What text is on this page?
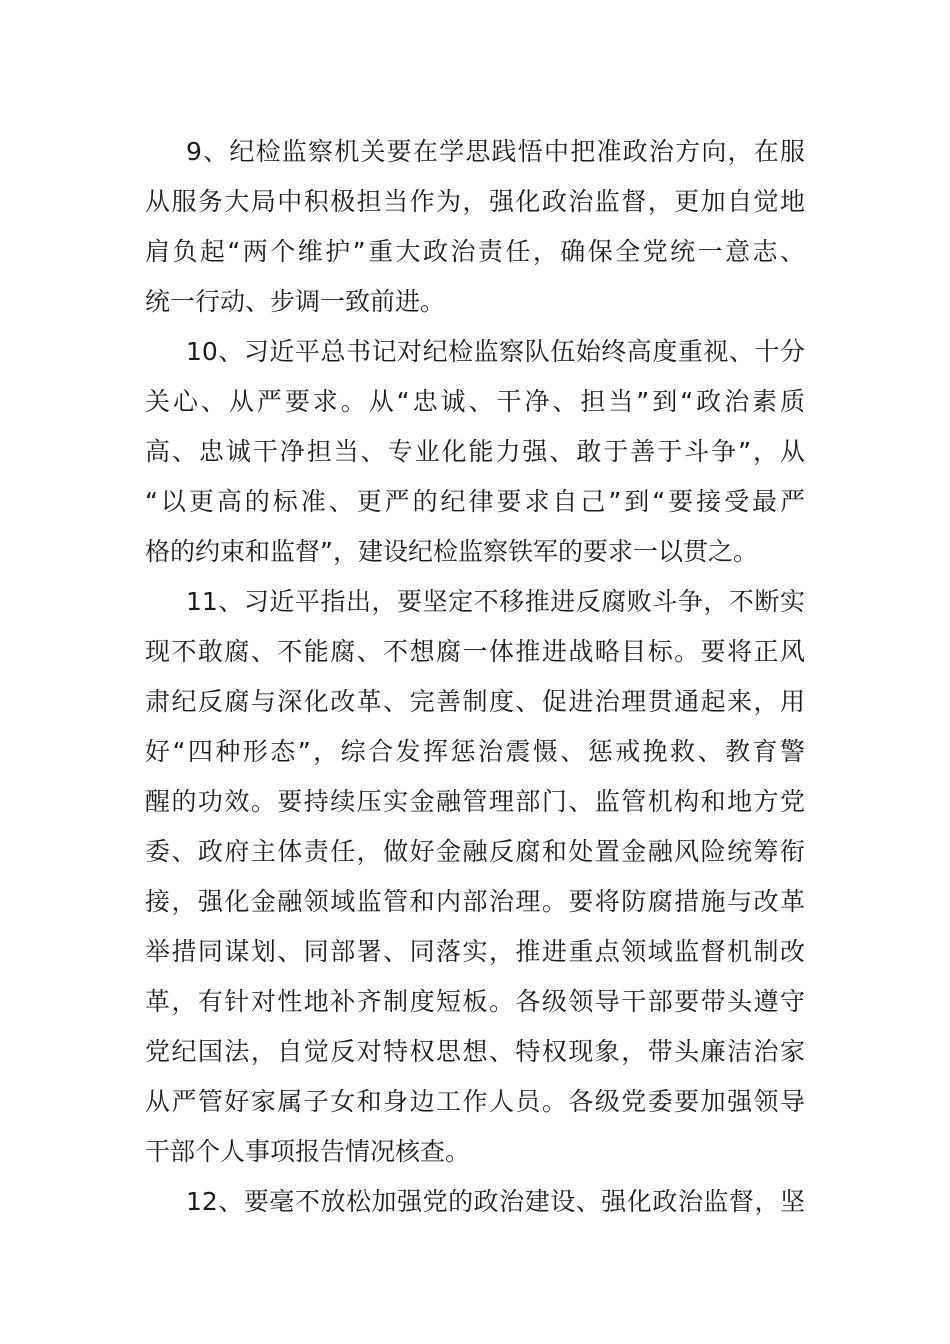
9、纪检监察机关要在学思践悟中把准政治方向，在服
从服务大局中积极担当作为，强化政治监督，更加自觉地
肩负起“两个维护”重大政治责任，确保全党统一意志、
统一行动、步调一致前进。
10、习近平总书记对纪检监察队伍始终高度重视、十分
关心、从严要求。从“忠诚、干净、担当”到“政治素质
高、忠诚干净担当、专业化能力强、敢于善于斗争”，从
“以更高的标准、更严的纪律要求自己”到“要接受最严
格的约束和监督”，建设纪检监察铁军的要求一以贯之。
11、习近平指出，要坚定不移推进反腐败斗争，不断实
现不敢腐、不能腐、不想腐一体推进战略目标。要将正风
肃纪反腐与深化改革、完善制度、促进治理贯通起来，用
好“四种形态”，综合发挥惩治震慑、惩戒挽救、教育警
醒的功效。要持续压实金融管理部门、监管机构和地方党
委、政府主体责任，做好金融反腐和处置金融风险统筹衔
接，强化金融领域监管和内部治理。要将防腐措施与改革
举措同谋划、同部署、同落实，推进重点领域监督机制改
革，有针对性地补齐制度短板。各级领导干部要带头遵守
党纪国法，自觉反对特权思想、特权现象，带头廉洁治家
从严管好家属子女和身边工作人员。各级党委要加强领导
干部个人事项报告情况核查。
12、要毫不放松加强党的政治建设、强化政治监督，坚
